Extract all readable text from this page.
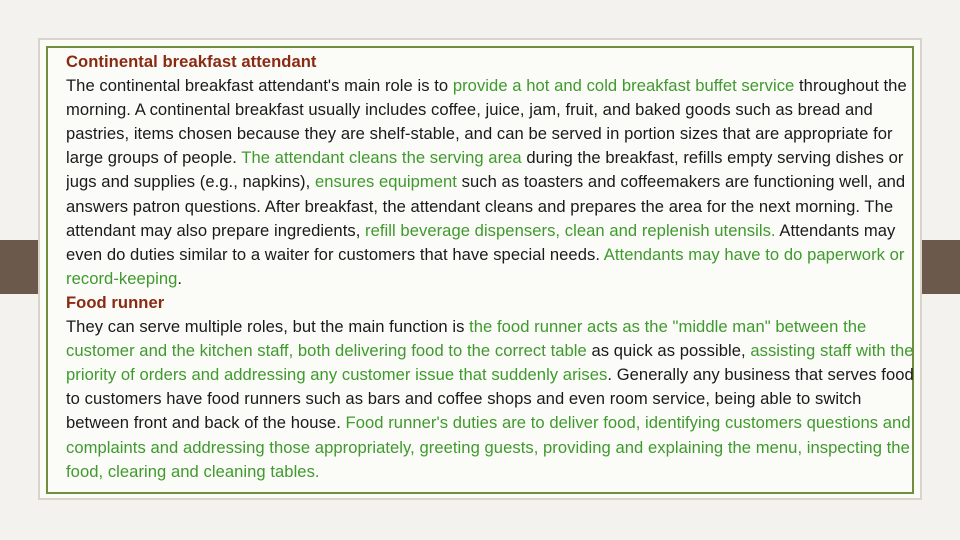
Continental breakfast attendant

The continental breakfast attendant's main role is to provide a hot and cold breakfast buffet service throughout the morning. A continental breakfast usually includes coffee, juice, jam, fruit, and baked goods such as bread and pastries, items chosen because they are shelf-stable, and can be served in portion sizes that are appropriate for large groups of people. The attendant cleans the serving area during the breakfast, refills empty serving dishes or jugs and supplies (e.g., napkins), ensures equipment such as toasters and coffeemakers are functioning well, and answers patron questions. After breakfast, the attendant cleans and prepares the area for the next morning. The attendant may also prepare ingredients, refill beverage dispensers, clean and replenish utensils. Attendants may even do duties similar to a waiter for customers that have special needs. Attendants may have to do paperwork or record-keeping.

Food runner

They can serve multiple roles, but the main function is the food runner acts as the "middle man" between the customer and the kitchen staff, both delivering food to the correct table as quick as possible, assisting staff with the priority of orders and addressing any customer issue that suddenly arises. Generally any business that serves food to customers have food runners such as bars and coffee shops and even room service, being able to switch between front and back of the house. Food runner's duties are to deliver food, identifying customers questions and complaints and addressing those appropriately, greeting guests, providing and explaining the menu, inspecting the food, clearing and cleaning tables.
